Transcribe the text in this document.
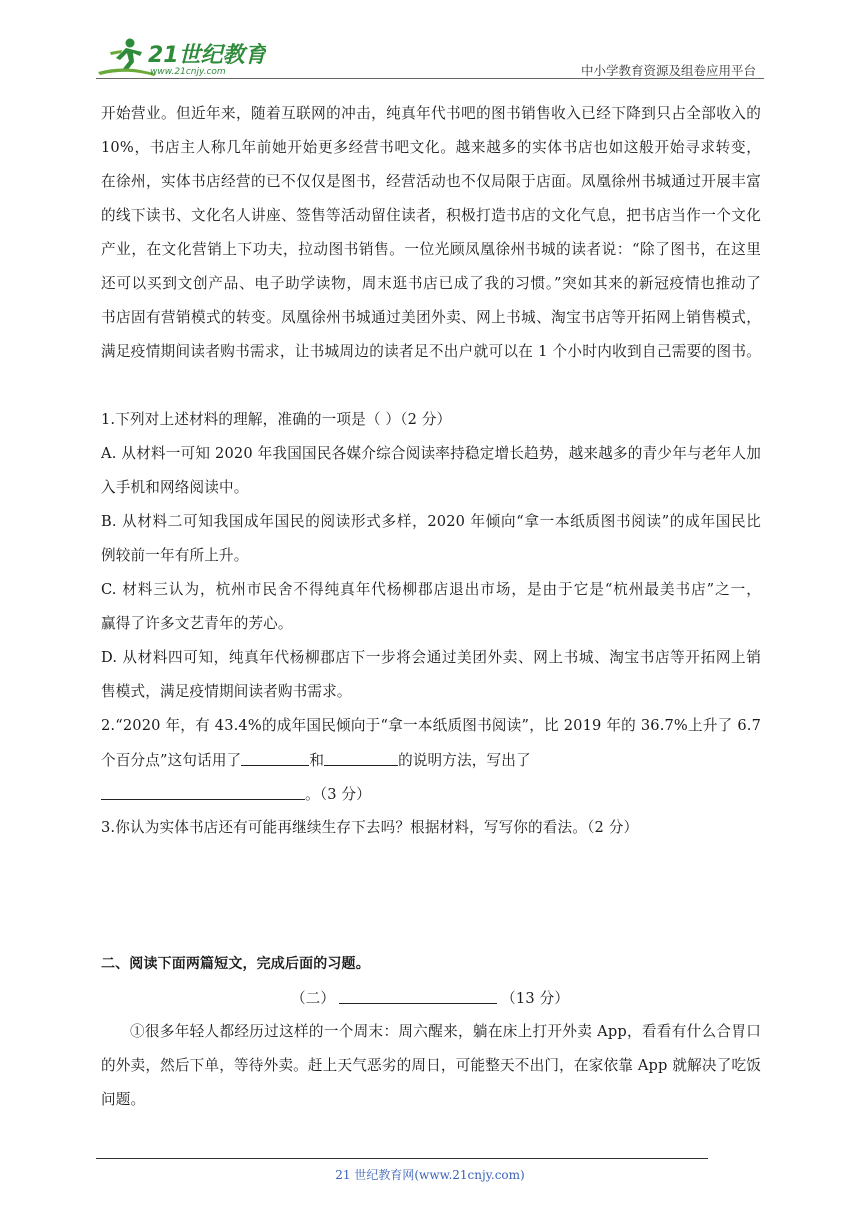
21世纪教育
www.21cnjy.com	中小学教育资源及组卷应用平台
开始营业。但近年来，随着互联网的冲击，纯真年代书吧的图书销售收入已经下降到只占全部收入的
10%，书店主人称几年前她开始更多经营书吧文化。越来越多的实体书店也如这般开始寻求转变，
在徐州，实体书店经营的已不仅仅是图书，经营活动也不仅局限于店面。凤凰徐州书城通过开展丰富
的线下读书、文化名人讲座、签售等活动留住读者，积极打造书店的文化气息，把书店当作一个文化
产业，在文化营销上下功夫，拉动图书销售。一位光顾凤凰徐州书城的读者说：“除了图书，在这里
还可以买到文创产品、电子助学读物，周末逛书店已成了我的习惯。”突如其来的新冠疫情也推动了
书店固有营销模式的转变。凤凰徐州书城通过美团外卖、网上书城、淘宝书店等开拓网上销售模式，
满足疫情期间读者购书需求，让书城周边的读者足不出户就可以在 1 个小时内收到自己需要的图书。
1.下列对上述材料的理解，准确的一项是（ ）（2 分）
A. 从材料一可知 2020 年我国国民各媒介综合阅读率持稳定增长趋势，越来越多的青少年与老年人加
入手机和网络阅读中。
B. 从材料二可知我国成年国民的阅读形式多样，2020 年倾向“拿一本纸质图书阅读”的成年国民比
例较前一年有所上升。
C. 材料三认为，杭州市民舍不得纯真年代杨柳郡店退出市场，是由于它是“杭州最美书店”之一，
赢得了许多文艺青年的芳心。
D. 从材料四可知，纯真年代杨柳郡店下一步将会通过美团外卖、网上书城、淘宝书店等开拓网上销
售模式，满足疫情期间读者购书需求。
2.“2020 年，有 43.4%的成年国民倾向于“拿一本纸质图书阅读”，比 2019 年的 36.7%上升了 6.7
个百分点”这句话用了	和	的说明方法，写出了
。（3 分）
3.你认为实体书店还有可能再继续生存下去吗？根据材料，写写你的看法。（2 分）
二、阅读下面两篇短文，完成后面的习题。
（二）	（13 分）
①很多年轻人都经历过这样的一个周末：周六醒来，躺在床上打开外卖 App，看看有什么合胃口
的外卖，然后下单，等待外卖。赶上天气恶劣的周日，可能整天不出门，在家依靠 App 就解决了吃饭
问题。
21 世纪教育网(www.21cnjy.com)
